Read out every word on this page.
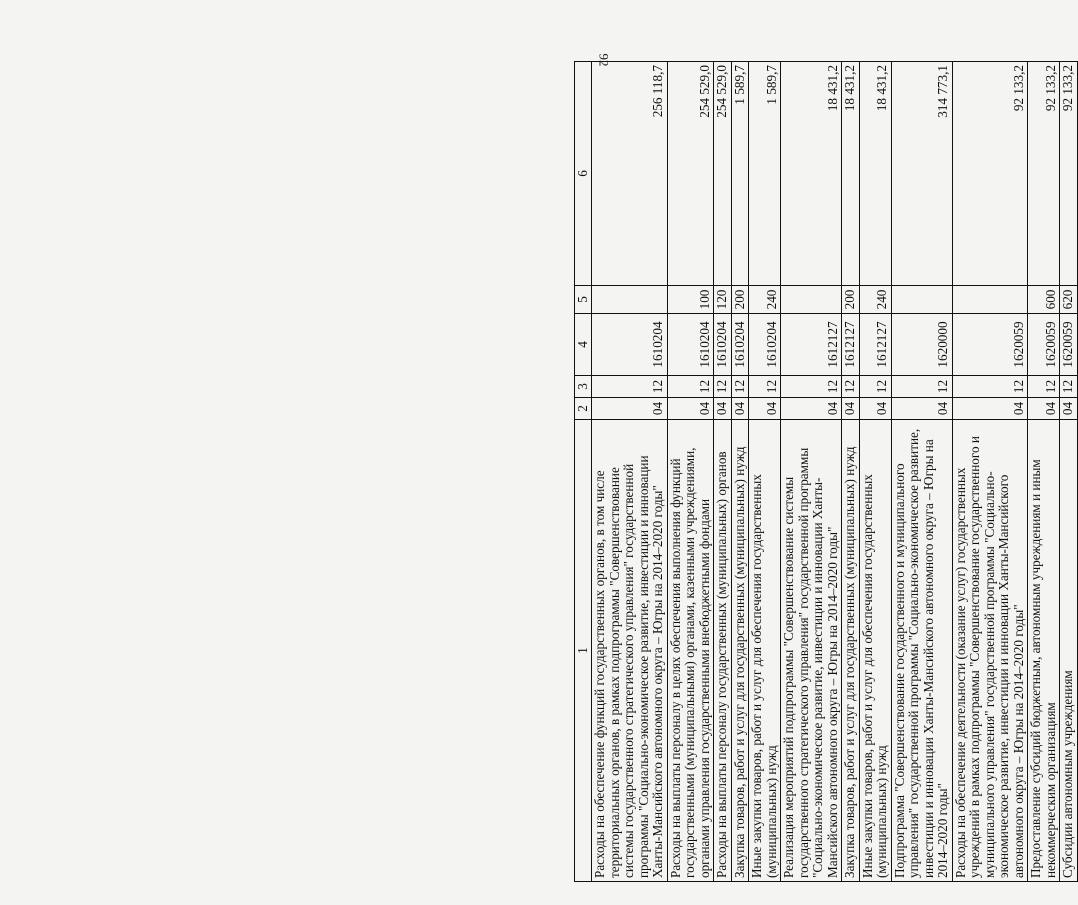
92
1	2	3	4	5	6
Расходы на обеспечение функций государственных органов, в том числе территориальных органов, в рамках подпрограммы "Совершенствование системы государственного стратегического управления" государственной программы "Социально-экономическое развитие, инвестиции и инновации Ханты-Мансийского автономного округа – Югры на 2014–2020 годы"	04	12	1610204		256 118,7
Расходы на выплаты персоналу в целях обеспечения выполнения функций государственными (муниципальными) органами, казенными учреждениями, органами управления государственными внебюджетными фондами	04	12	1610204	100	254 529,0
Расходы на выплаты персоналу государственных (муниципальных) органов	04	12	1610204	120	254 529,0
Закупка товаров, работ и услуг для государственных (муниципальных) нужд	04	12	1610204	200	1 589,7
Иные закупки товаров, работ и услуг для обеспечения государственных (муниципальных) нужд	04	12	1610204	240	1 589,7
Реализация мероприятий подпрограммы "Совершенствование системы государственного стратегического управления" государственной программы "Социально-экономическое развитие, инвестиции и инновации Ханты-Мансийского автономного округа – Югры на 2014–2020 годы"	04	12	1612127		18 431,2
Закупка товаров, работ и услуг для государственных (муниципальных) нужд	04	12	1612127	200	18 431,2
Иные закупки товаров, работ и услуг для обеспечения государственных (муниципальных) нужд	04	12	1612127	240	18 431,2
Подпрограмма "Совершенствование государственного и муниципального управления" государственной программы "Социально-экономическое развитие, инвестиции и инновации Ханты-Мансийского автономного округа – Югры на 2014–2020 годы"	04	12	1620000		314 773,1
Расходы на обеспечение деятельности (оказание услуг) государственных учреждений в рамках подпрограммы "Совершенствование государственного и муниципального управления" государственной программы "Социально-экономическое развитие, инвестиции и инновации Ханты-Мансийского автономного округа – Югры на 2014–2020 годы"	04	12	1620059		92 133,2
Предоставление субсидий бюджетным, автономным учреждениям и иным некоммерческим организациям	04	12	1620059	600	92 133,2
Субсидии автономным учреждениям	04	12	1620059	620	92 133,2
